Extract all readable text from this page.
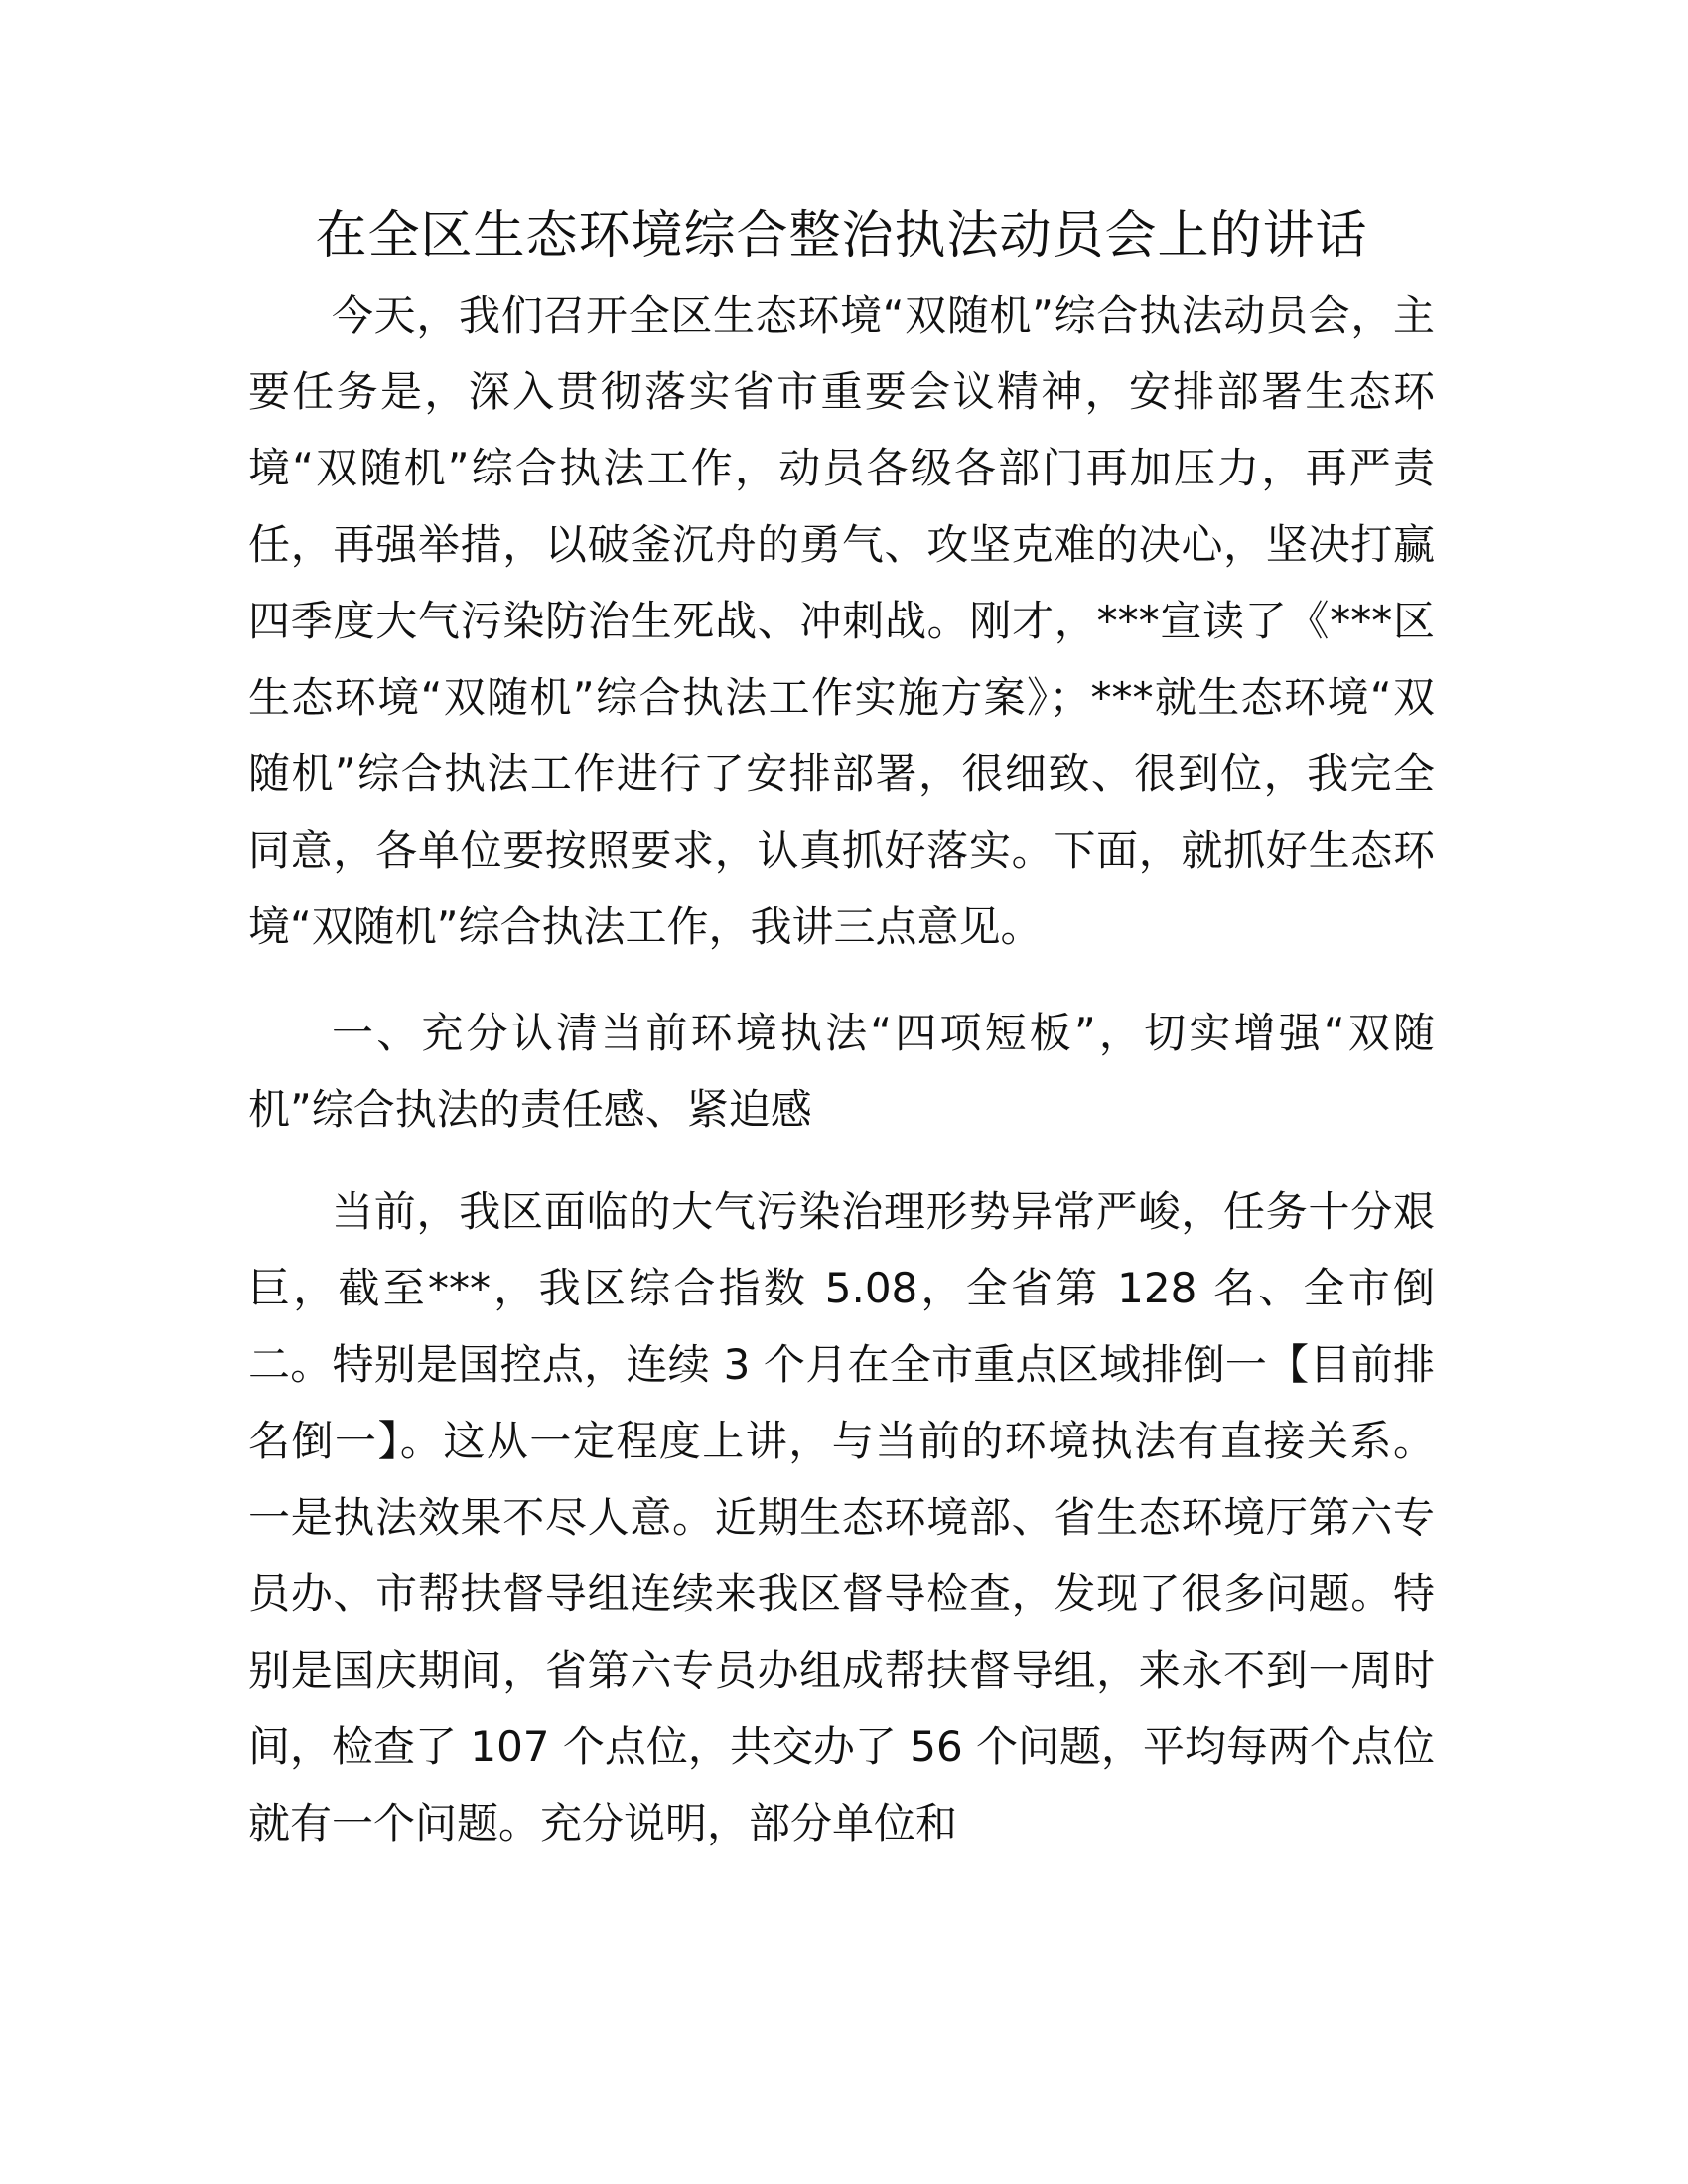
在全区生态环境综合整治执法动员会上的讲话

今天，我们召开全区生态环境“双随机”综合执法动员会，主要任务是，深入贯彻落实省市重要会议精神，安排部署生态环境“双随机”综合执法工作，动员各级各部门再加压力，再严责任，再强举措，以破釜沉舟的勇气、攻坚克难的决心，坚决打赢四季度大气污染防治生死战、冲刺战。刚才，***宣读了《***区生态环境“双随机”综合执法工作实施方案》；***就生态环境“双随机”综合执法工作进行了安排部署，很细致、很到位，我完全同意，各单位要按照要求，认真抓好落实。下面，就抓好生态环境“双随机”综合执法工作，我讲三点意见。

一、充分认清当前环境执法“四项短板”，切实增强“双随机”综合执法的责任感、紧迫感

当前，我区面临的大气污染治理形势异常严峻，任务十分艰巨，截至***，我区综合指数 5.08，全省第 128 名、全市倒二。特别是国控点，连续 3 个月在全市重点区域排倒一【目前排名倒一】。这从一定程度上讲，与当前的环境执法有直接关系。一是执法效果不尽人意。近期生态环境部、省生态环境厅第六专员办、市帮扶督导组连续来我区督导检查，发现了很多问题。特别是国庆期间，省第六专员办组成帮扶督导组，来永不到一周时间，检查了 107 个点位，共交办了 56 个问题，平均每两个点位就有一个问题。充分说明，部分单位和
